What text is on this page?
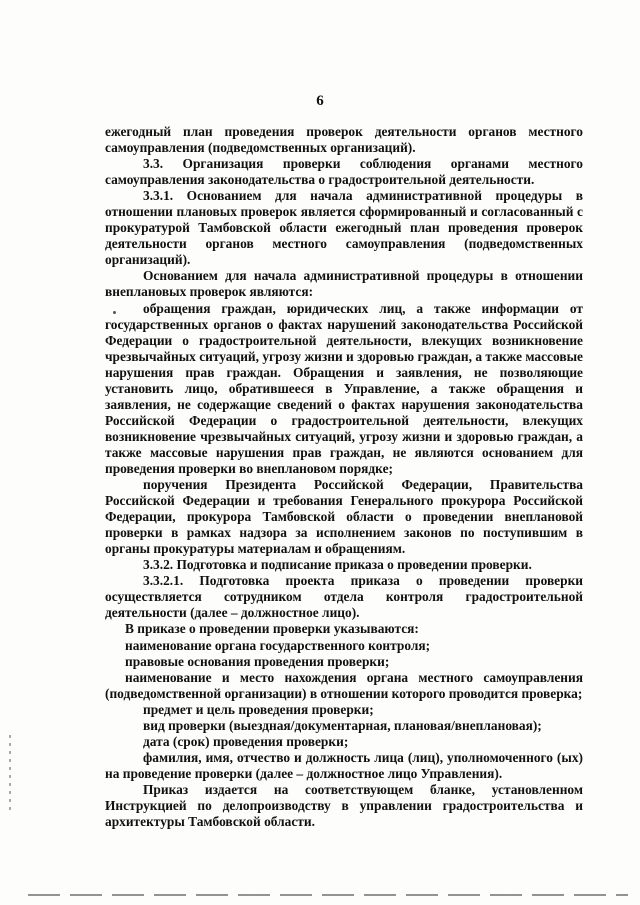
6

ежегодный план проведения проверок деятельности органов местного самоуправления (подведомственных организаций).

3.3. Организация проверки соблюдения органами местного самоуправления законодательства о градостроительной деятельности.

3.3.1. Основанием для начала административной процедуры в отношении плановых проверок является сформированный и согласованный с прокуратурой Тамбовской области ежегодный план проведения проверок деятельности органов местного самоуправления (подведомственных организаций).

Основанием для начала административной процедуры в отношении внеплановых проверок являются:

обращения граждан, юридических лиц, а также информации от государственных органов о фактах нарушений законодательства Российской Федерации о градостроительной деятельности, влекущих возникновение чрезвычайных ситуаций, угрозу жизни и здоровью граждан, а также массовые нарушения прав граждан. Обращения и заявления, не позволяющие установить лицо, обратившееся в Управление, а также обращения и заявления, не содержащие сведений о фактах нарушения законодательства Российской Федерации о градостроительной деятельности, влекущих возникновение чрезвычайных ситуаций, угрозу жизни и здоровью граждан, а также массовые нарушения прав граждан, не являются основанием для проведения проверки во внеплановом порядке;

поручения Президента Российской Федерации, Правительства Российской Федерации и требования Генерального прокурора Российской Федерации, прокурора Тамбовской области о проведении внеплановой проверки в рамках надзора за исполнением законов по поступившим в органы прокуратуры материалам и обращениям.

3.3.2. Подготовка и подписание приказа о проведении проверки.

3.3.2.1. Подготовка проекта приказа о проведении проверки осуществляется сотрудником отдела контроля градостроительной деятельности (далее – должностное лицо).

В приказе о проведении проверки указываются:

наименование органа государственного контроля;

правовые основания проведения проверки;

наименование и место нахождения органа местного самоуправления (подведомственной организации) в отношении которого проводится проверка;

предмет и цель проведения проверки;

вид проверки (выездная/документарная, плановая/внеплановая);

дата (срок) проведения проверки;

фамилия, имя, отчество и должность лица (лиц), уполномоченного (ых) на проведение проверки (далее – должностное лицо Управления).

Приказ издается на соответствующем бланке, установленном Инструкцией по делопроизводству в управлении градостроительства и архитектуры Тамбовской области.
